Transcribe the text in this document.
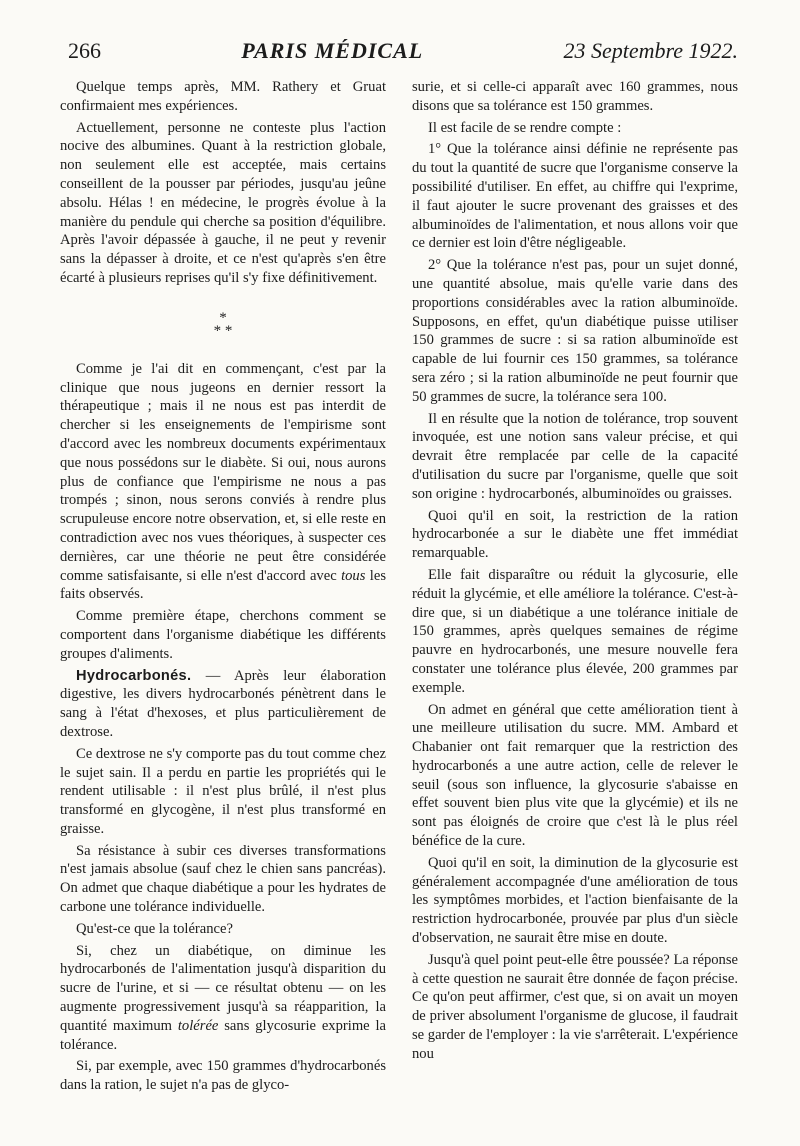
266	PARIS MÉDICAL	23 Septembre 1922.

Quelque temps après, MM. Rathery et Gruat confirmaient mes expériences.

Actuellement, personne ne conteste plus l'action nocive des albumines. Quant à la restriction globale, non seulement elle est acceptée, mais certains conseillent de la pousser par périodes, jusqu'au jeûne absolu. Hélas ! en médecine, le progrès évolue à la manière du pendule qui cherche sa position d'équilibre. Après l'avoir dépassée à gauche, il ne peut y revenir sans la dépasser à droite, et ce n'est qu'après s'en être écarté à plusieurs reprises qu'il s'y fixe définitivement.

*
* *

Comme je l'ai dit en commençant, c'est par la clinique que nous jugeons en dernier ressort la thérapeutique ; mais il ne nous est pas interdit de chercher si les enseignements de l'empirisme sont d'accord avec les nombreux documents expérimentaux que nous possédons sur le diabète. Si oui, nous aurons plus de confiance que l'empirisme ne nous a pas trompés ; sinon, nous serons conviés à rendre plus scrupuleuse encore notre observation, et, si elle reste en contradiction avec nos vues théoriques, à suspecter ces dernières, car une théorie ne peut être considérée comme satisfaisante, si elle n'est d'accord avec tous les faits observés.

Comme première étape, cherchons comment se comportent dans l'organisme diabétique les différents groupes d'aliments.

Hydrocarbonés. — Après leur élaboration digestive, les divers hydrocarbonés pénètrent dans le sang à l'état d'hexoses, et plus particulièrement de dextrose.

Ce dextrose ne s'y comporte pas du tout comme chez le sujet sain. Il a perdu en partie les propriétés qui le rendent utilisable : il n'est plus brûlé, il n'est plus transformé en glycogène, il n'est plus transformé en graisse.

Sa résistance à subir ces diverses transformations n'est jamais absolue (sauf chez le chien sans pancréas). On admet que chaque diabétique a pour les hydrates de carbone une tolérance individuelle.

Qu'est-ce que la tolérance?

Si, chez un diabétique, on diminue les hydrocarbonés de l'alimentation jusqu'à disparition du sucre de l'urine, et si — ce résultat obtenu — on les augmente progressivement jusqu'à sa réapparition, la quantité maximum tolérée sans glycosurie exprime la tolérance.

Si, par exemple, avec 150 grammes d'hydrocarbonés dans la ration, le sujet n'a pas de glyco-

surie, et si celle-ci apparaît avec 160 grammes, nous disons que sa tolérance est 150 grammes.

Il est facile de se rendre compte :

1° Que la tolérance ainsi définie ne représente pas du tout la quantité de sucre que l'organisme conserve la possibilité d'utiliser. En effet, au chiffre qui l'exprime, il faut ajouter le sucre provenant des graisses et des albuminoïdes de l'alimentation, et nous allons voir que ce dernier est loin d'être négligeable.

2° Que la tolérance n'est pas, pour un sujet donné, une quantité absolue, mais qu'elle varie dans des proportions considérables avec la ration albuminoïde. Supposons, en effet, qu'un diabétique puisse utiliser 150 grammes de sucre : si sa ration albuminoïde est capable de lui fournir ces 150 grammes, sa tolérance sera zéro ; si la ration albuminoïde ne peut fournir que 50 grammes de sucre, la tolérance sera 100.

Il en résulte que la notion de tolérance, trop souvent invoquée, est une notion sans valeur précise, et qui devrait être remplacée par celle de la capacité d'utilisation du sucre par l'organisme, quelle que soit son origine : hydrocarbonés, albuminoïdes ou graisses.

Quoi qu'il en soit, la restriction de la ration hydrocarbonée a sur le diabète une ffet immédiat remarquable.

Elle fait disparaître ou réduit la glycosurie, elle réduit la glycémie, et elle améliore la tolérance. C'est-à-dire que, si un diabétique a une tolérance initiale de 150 grammes, après quelques semaines de régime pauvre en hydrocarbonés, une mesure nouvelle fera constater une tolérance plus élevée, 200 grammes par exemple.

On admet en général que cette amélioration tient à une meilleure utilisation du sucre. MM. Ambard et Chabanier ont fait remarquer que la restriction des hydrocarbonés a une autre action, celle de relever le seuil (sous son influence, la glycosurie s'abaisse en effet souvent bien plus vite que la glycémie) et ils ne sont pas éloignés de croire que c'est là le plus réel bénéfice de la cure.

Quoi qu'il en soit, la diminution de la glycosurie est généralement accompagnée d'une amélioration de tous les symptômes morbides, et l'action bienfaisante de la restriction hydrocarbonée, prouvée par plus d'un siècle d'observation, ne saurait être mise en doute.

Jusqu'à quel point peut-elle être poussée? La réponse à cette question ne saurait être donnée de façon précise. Ce qu'on peut affirmer, c'est que, si on avait un moyen de priver absolument l'organisme de glucose, il faudrait se garder de l'employer : la vie s'arrêterait. L'expérience nou
